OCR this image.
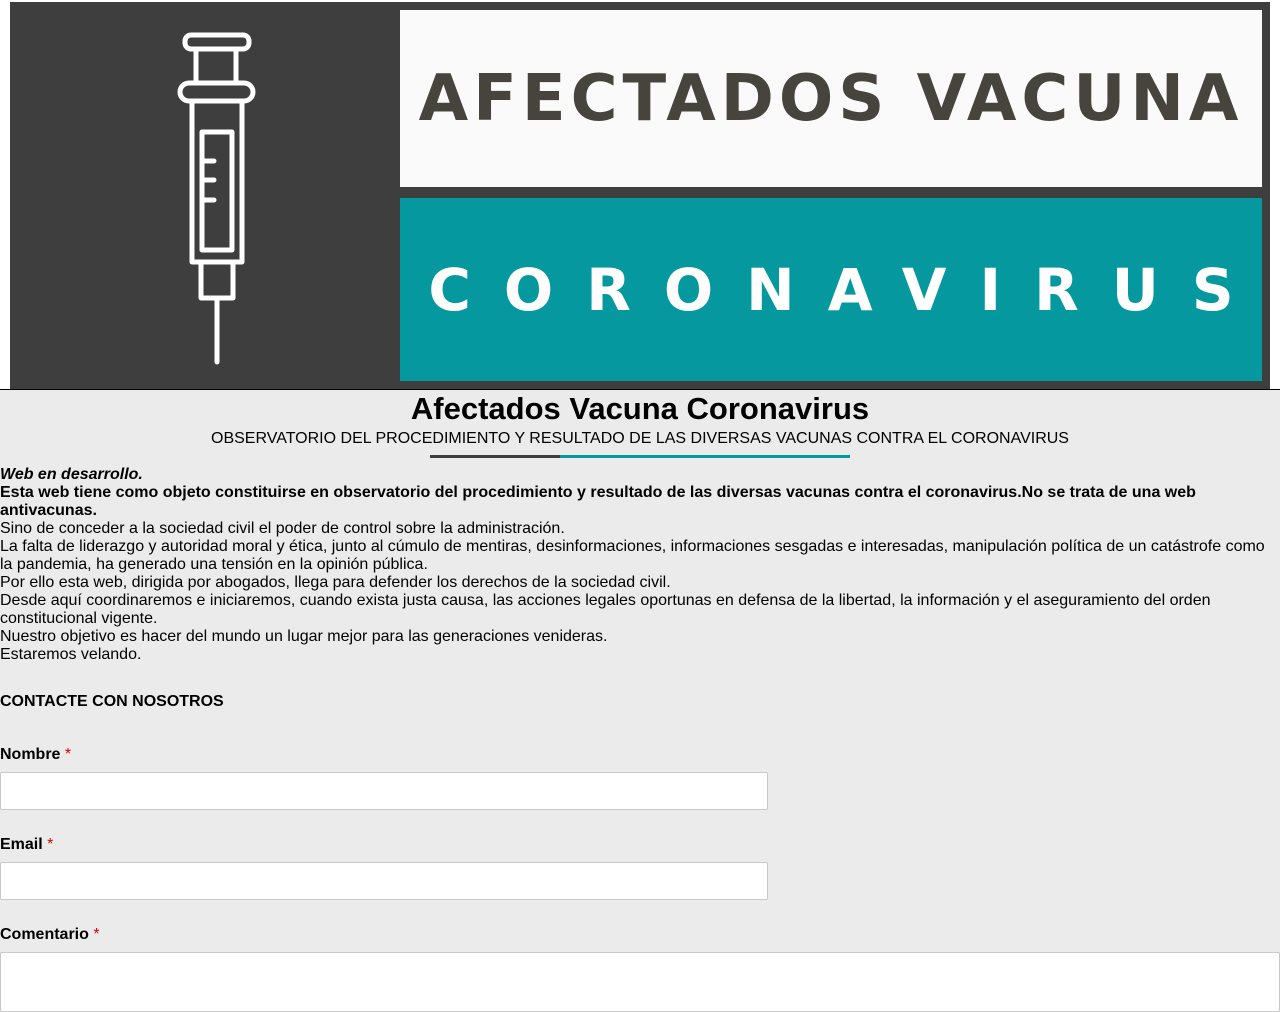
AFECTADOS VACUNA
CORONAVIRUS
Afectados Vacuna Coronavirus
OBSERVATORIO DEL PROCEDIMIENTO Y RESULTADO DE LAS DIVERSAS VACUNAS CONTRA EL CORONAVIRUS

Web en desarrollo.

Esta web tiene como objeto constituirse en observatorio del procedimiento y resultado de las diversas vacunas contra el coronavirus.No se trata de una web antivacunas.

Sino de conceder a la sociedad civil el poder de control sobre la administración.

La falta de liderazgo y autoridad moral y ética, junto al cúmulo de mentiras, desinformaciones, informaciones sesgadas e interesadas, manipulación política de un catástrofe como la pandemia, ha generado una tensión en la opinión pública.

Por ello esta web, dirigida por abogados, llega para defender los derechos de la sociedad civil.

Desde aquí coordinaremos e iniciaremos, cuando exista justa causa, las acciones legales oportunas en defensa de la libertad, la información y el aseguramiento del orden constitucional vigente.

Nuestro objetivo es hacer del mundo un lugar mejor para las generaciones venideras.

Estaremos velando.

CONTACTE CON NOSOTROS
Nombre *
Email *
Comentario *
